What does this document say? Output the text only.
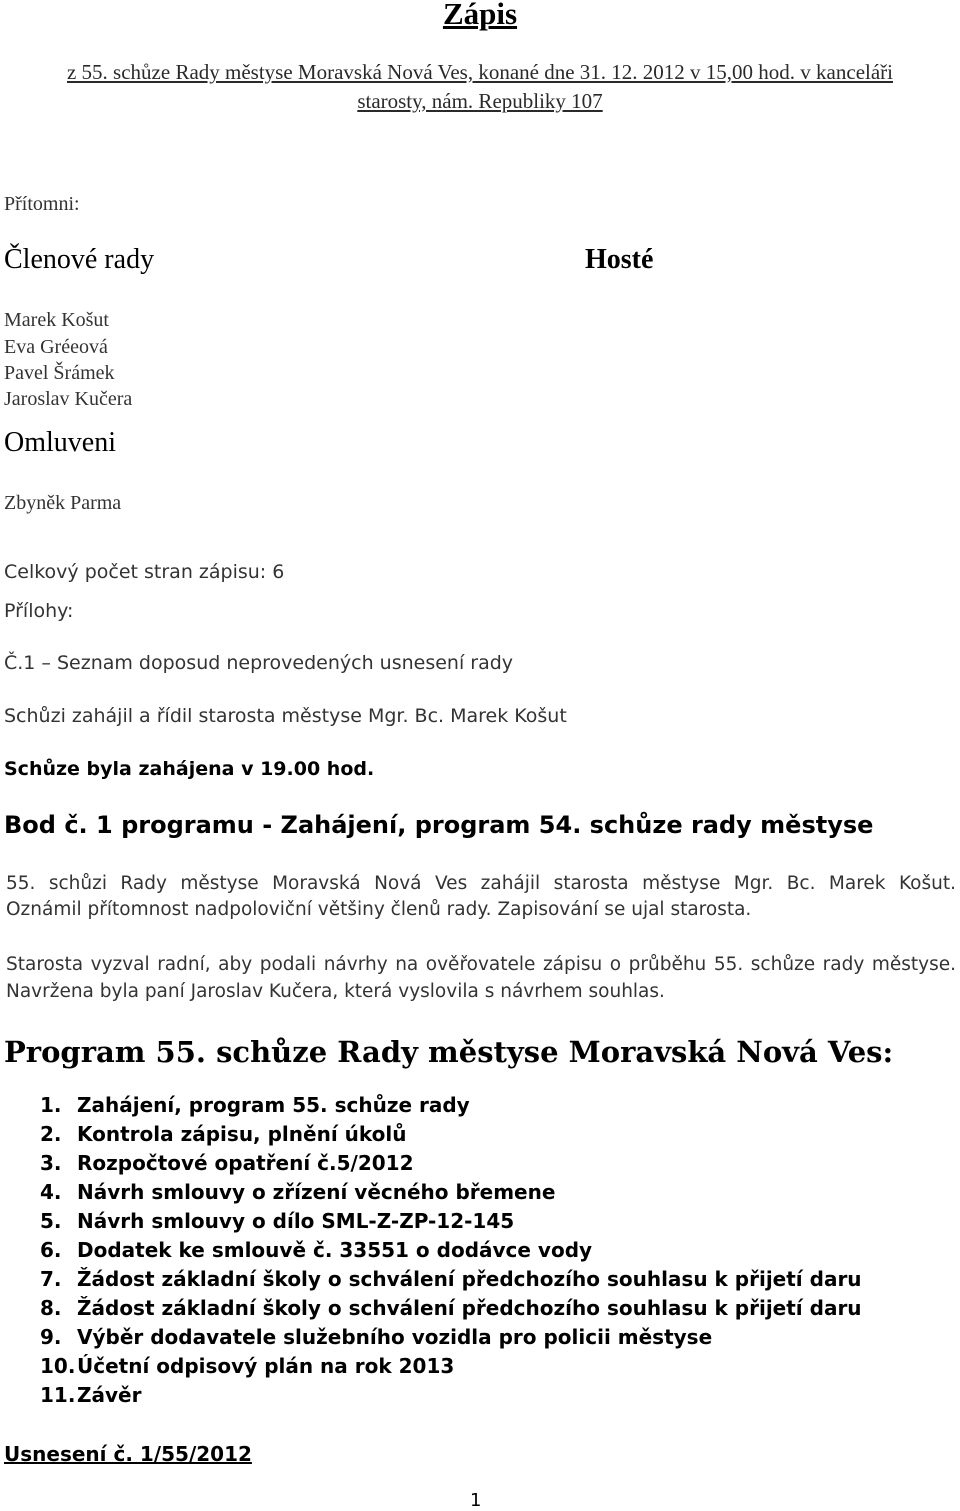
Zápis
z 55. schůze Rady městyse Moravská Nová Ves, konané dne 31. 12. 2012 v 15,00 hod. v kanceláři
starosty, nám. Republiky 107
Přítomni:
Členové rady	Hosté
Marek Košut
Eva Gréeová
Pavel Šrámek
Jaroslav Kučera
Omluveni
Zbyněk Parma
Celkový počet stran zápisu: 6
Přílohy:
Č.1 – Seznam doposud neprovedených usnesení rady
Schůzi zahájil a řídil starosta městyse Mgr. Bc. Marek Košut
Schůze byla zahájena v 19.00 hod.
Bod č. 1 programu - Zahájení, program 54. schůze rady městyse
55. schůzi Rady městyse Moravská Nová Ves zahájil starosta městyse Mgr. Bc. Marek Košut.
Oznámil přítomnost nadpoloviční většiny členů rady. Zapisování se ujal starosta.
Starosta vyzval radní, aby podali návrhy na ověřovatele zápisu o průběhu 55. schůze rady městyse.
Navržena byla paní Jaroslav Kučera, která vyslovila s návrhem souhlas.
Program 55. schůze Rady městyse Moravská Nová Ves:
1. Zahájení, program 55. schůze rady
2. Kontrola zápisu, plnění úkolů
3. Rozpočtové opatření č.5/2012
4. Návrh smlouvy o zřízení věcného břemene
5. Návrh smlouvy o dílo SML-Z-ZP-12-145
6. Dodatek ke smlouvě č. 33551 o dodávce vody
7. Žádost základní školy o schválení předchozího souhlasu k přijetí daru
8. Žádost základní školy o schválení předchozího souhlasu k přijetí daru
9. Výběr dodavatele služebního vozidla pro policii městyse
10.Účetní odpisový plán na rok 2013
11.Závěr
Usnesení č. 1/55/2012
1
